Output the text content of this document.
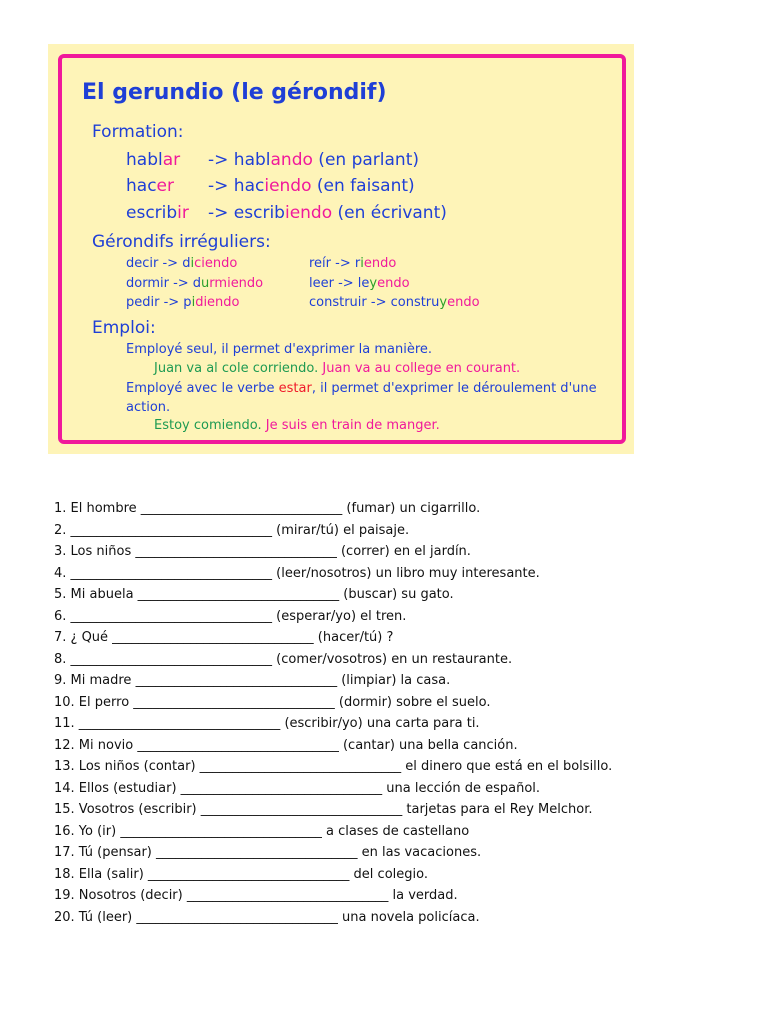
El gerundio (le gérondif)
Formation:
hablar -> hablando (en parlant)
hacer -> haciendo (en faisant)
escribir -> escribiendo (en écrivant)
Gérondifs irréguliers:
decir -> diciendo
dormir -> durmiendo
pedir -> pidiendo
reír -> riendo
leer -> leyendo
construir -> construyendo
Emploi:
Employé seul, il permet d'exprimer la manière.
Juan va al cole corriendo. Juan va au college en courant.
Employé avec le verbe estar, il permet d'exprimer le déroulement d'une
action.
Estoy comiendo. Je suis en train de manger.
1. El hombre _______________________________ (fumar) un cigarrillo.
2. _______________________________ (mirar/tú) el paisaje.
3. Los niños _______________________________ (correr) en el jardín.
4. _______________________________ (leer/nosotros) un libro muy interesante.
5. Mi abuela _______________________________ (buscar) su gato.
6. _______________________________ (esperar/yo) el tren.
7. ¿ Qué _______________________________ (hacer/tú) ?
8. _______________________________ (comer/vosotros) en un restaurante.
9. Mi madre _______________________________ (limpiar) la casa.
10. El perro _______________________________ (dormir) sobre el suelo.
11. _______________________________ (escribir/yo) una carta para ti.
12. Mi novio _______________________________ (cantar) una bella canción.
13. Los niños (contar) _______________________________ el dinero que está en el bolsillo.
14. Ellos (estudiar) _______________________________ una lección de español.
15. Vosotros (escribir) _______________________________ tarjetas para el Rey Melchor.
16. Yo (ir) _______________________________ a clases de castellano
17. Tú (pensar) _______________________________ en las vacaciones.
18. Ella (salir) _______________________________ del colegio.
19. Nosotros (decir) _______________________________ la verdad.
20. Tú (leer) _______________________________ una novela policíaca.
